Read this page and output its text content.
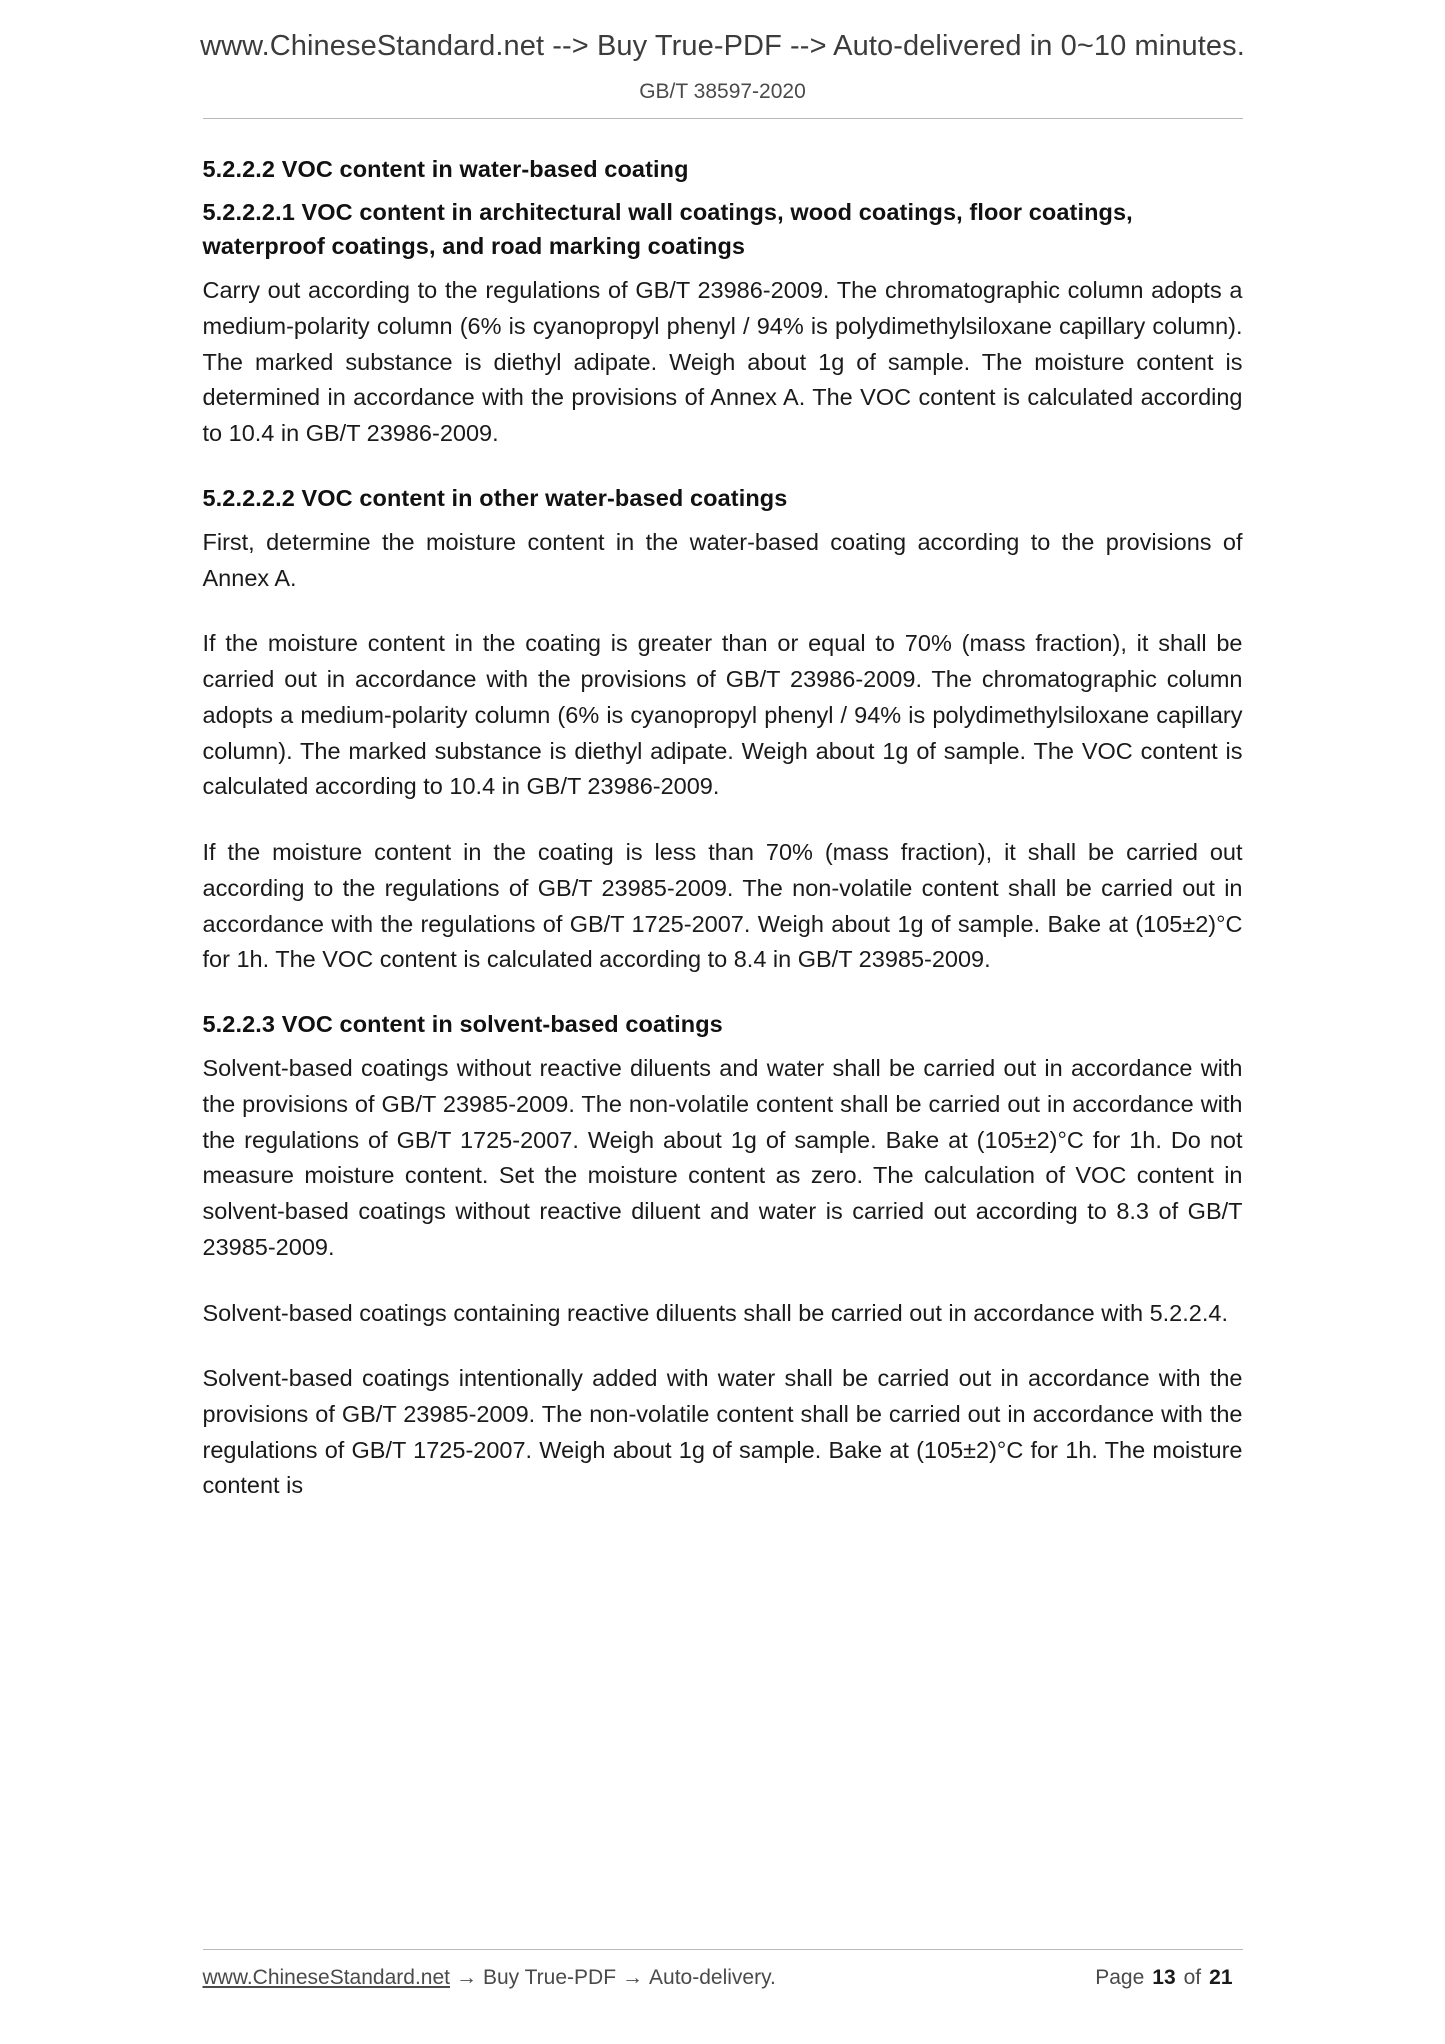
www.ChineseStandard.net --> Buy True-PDF --> Auto-delivered in 0~10 minutes.
GB/T 38597-2020
5.2.2.2 VOC content in water-based coating
5.2.2.2.1 VOC content in architectural wall coatings, wood coatings, floor coatings, waterproof coatings, and road marking coatings

Carry out according to the regulations of GB/T 23986-2009. The chromatographic column adopts a medium-polarity column (6% is cyanopropyl phenyl / 94% is polydimethylsiloxane capillary column). The marked substance is diethyl adipate. Weigh about 1g of sample. The moisture content is determined in accordance with the provisions of Annex A. The VOC content is calculated according to 10.4 in GB/T 23986-2009.

5.2.2.2.2 VOC content in other water-based coatings

First, determine the moisture content in the water-based coating according to the provisions of Annex A.

If the moisture content in the coating is greater than or equal to 70% (mass fraction), it shall be carried out in accordance with the provisions of GB/T 23986-2009. The chromatographic column adopts a medium-polarity column (6% is cyanopropyl phenyl / 94% is polydimethylsiloxane capillary column). The marked substance is diethyl adipate. Weigh about 1g of sample. The VOC content is calculated according to 10.4 in GB/T 23986-2009.

If the moisture content in the coating is less than 70% (mass fraction), it shall be carried out according to the regulations of GB/T 23985-2009. The non-volatile content shall be carried out in accordance with the regulations of GB/T 1725-2007. Weigh about 1g of sample. Bake at (105±2)°C for 1h. The VOC content is calculated according to 8.4 in GB/T 23985-2009.

5.2.2.3 VOC content in solvent-based coatings

Solvent-based coatings without reactive diluents and water shall be carried out in accordance with the provisions of GB/T 23985-2009. The non-volatile content shall be carried out in accordance with the regulations of GB/T 1725-2007. Weigh about 1g of sample. Bake at (105±2)°C for 1h. Do not measure moisture content. Set the moisture content as zero. The calculation of VOC content in solvent-based coatings without reactive diluent and water is carried out according to 8.3 of GB/T 23985-2009.

Solvent-based coatings containing reactive diluents shall be carried out in accordance with 5.2.2.4.

Solvent-based coatings intentionally added with water shall be carried out in accordance with the provisions of GB/T 23985-2009. The non-volatile content shall be carried out in accordance with the regulations of GB/T 1725-2007. Weigh about 1g of sample. Bake at (105±2)°C for 1h. The moisture content is

www.ChineseStandard.net → Buy True-PDF → Auto-delivery.	Page 13 of 21
